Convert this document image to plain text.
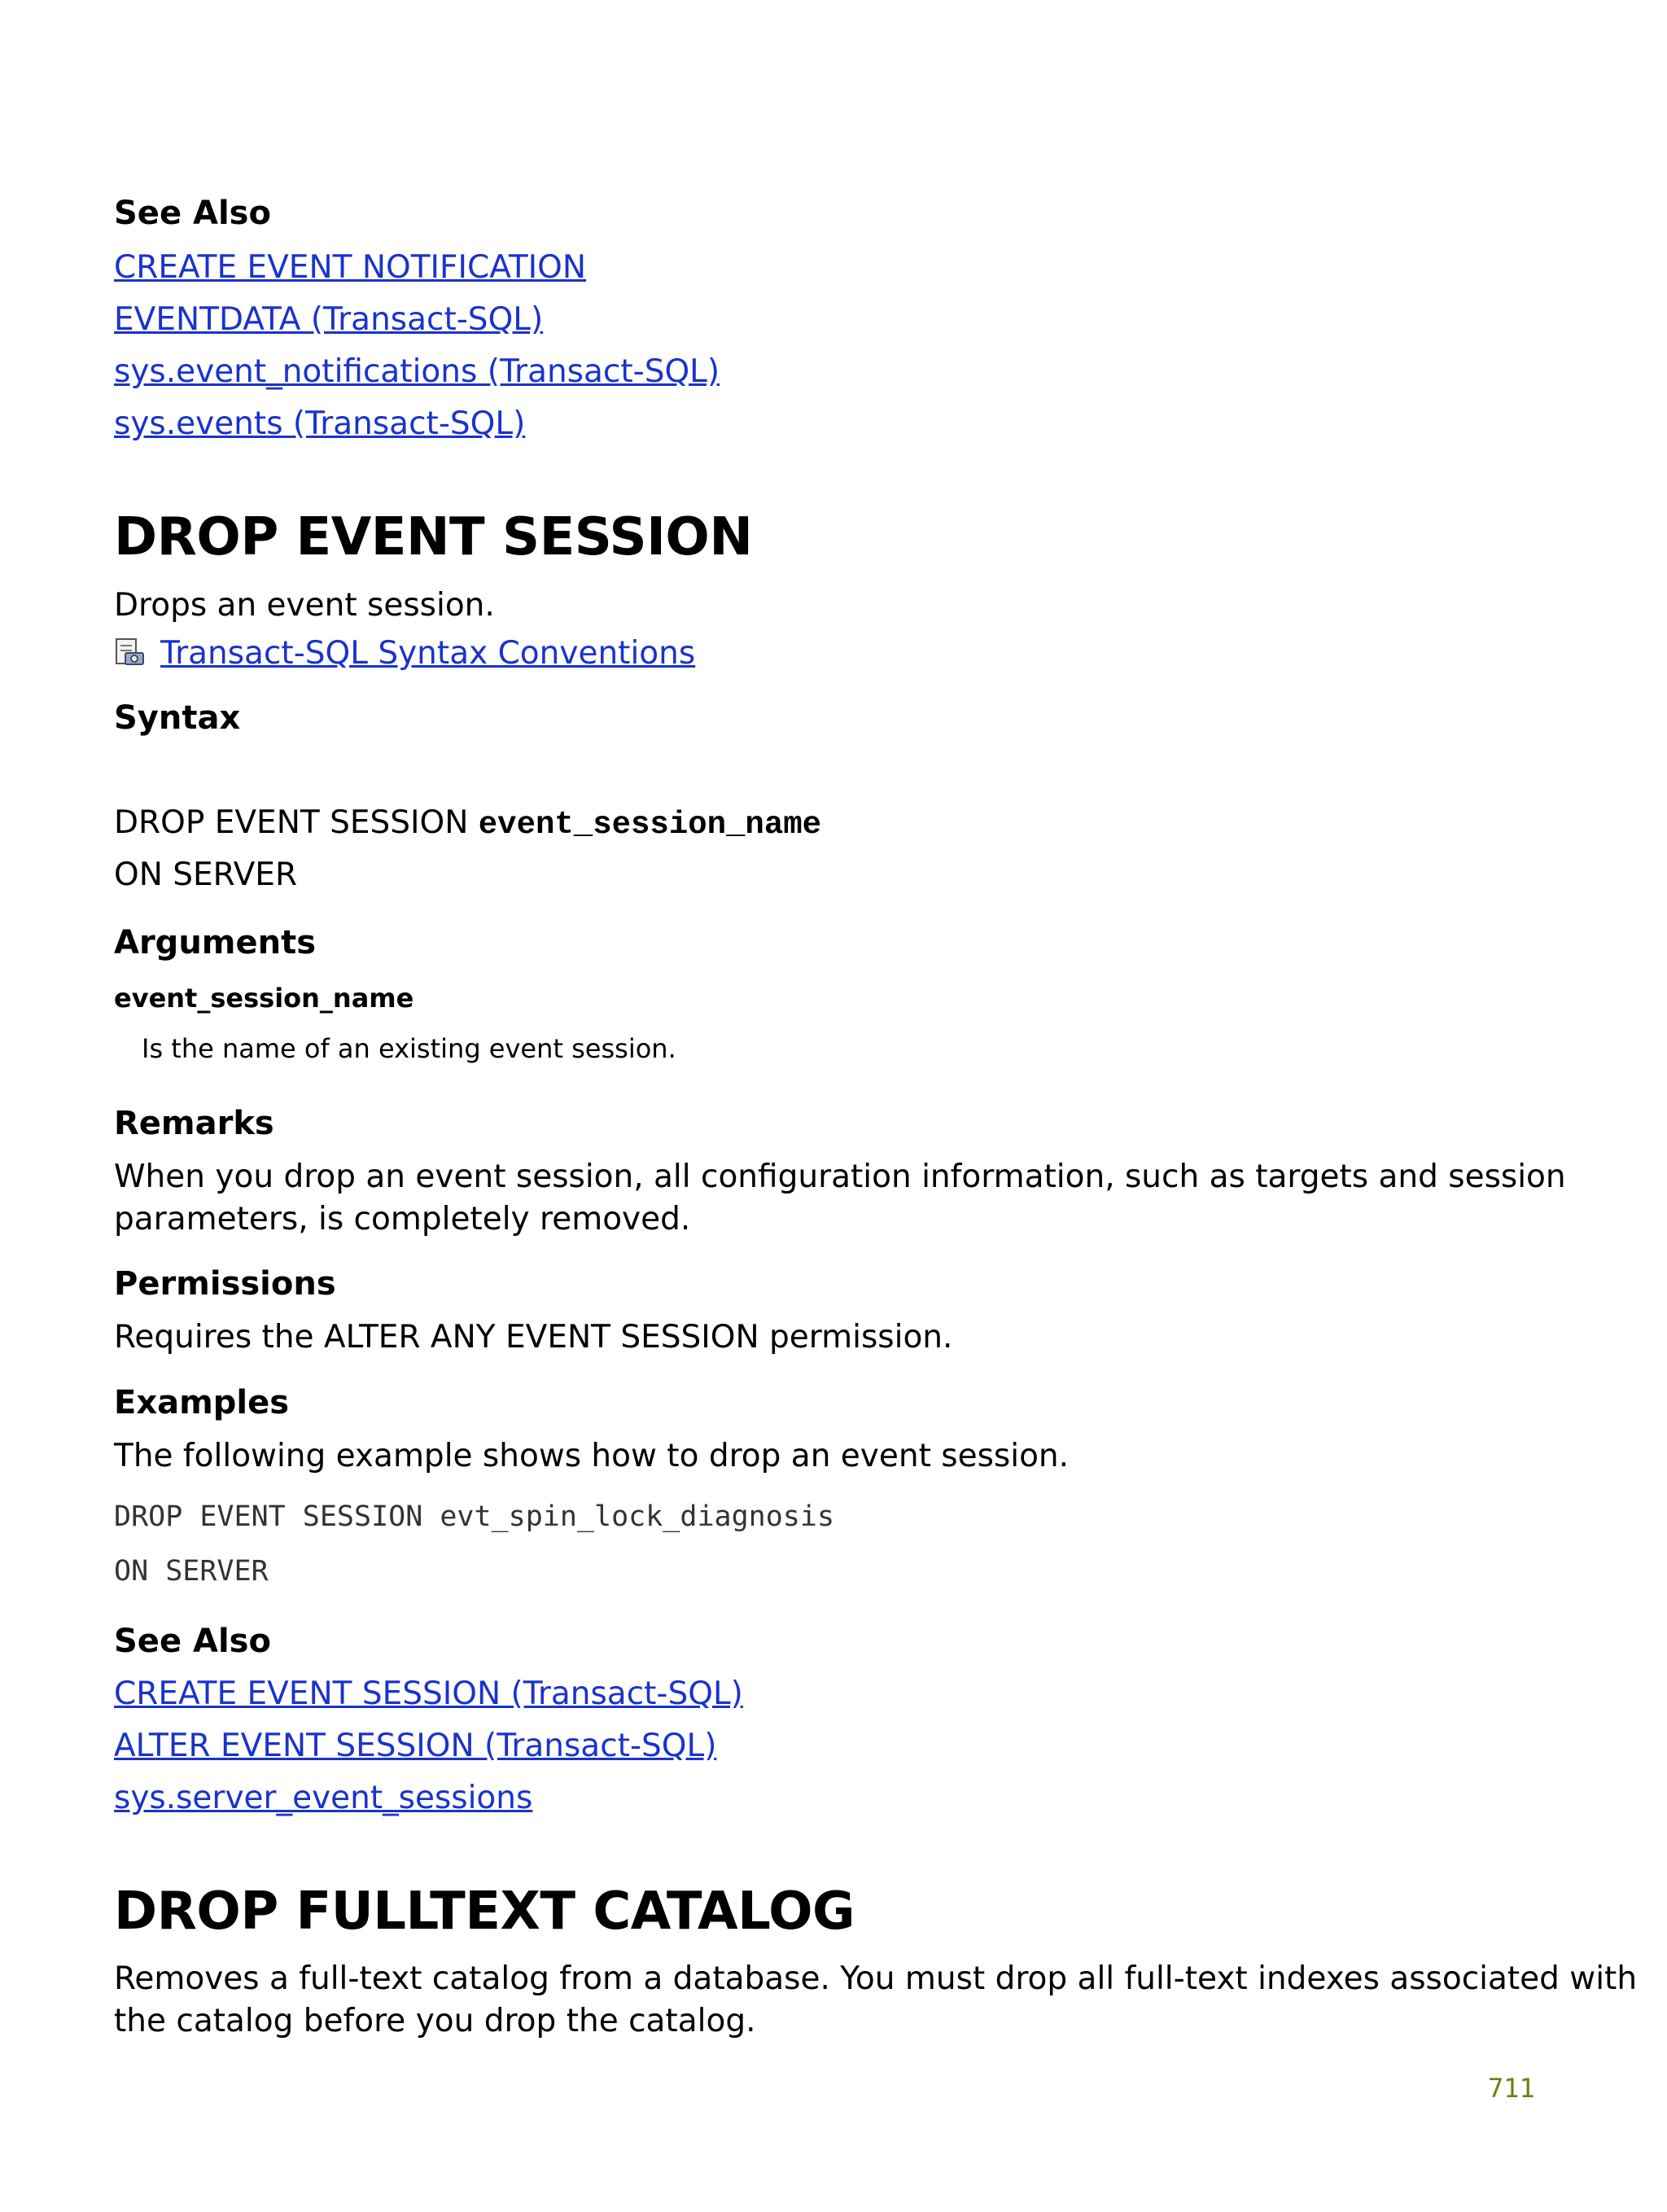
See Also
CREATE EVENT NOTIFICATION
EVENTDATA (Transact-SQL)
sys.event_notifications (Transact-SQL)
sys.events (Transact-SQL)
DROP EVENT SESSION
Drops an event session.
Transact-SQL Syntax Conventions
Syntax
DROP EVENT SESSION event_session_name
ON SERVER
Arguments
event_session_name
Is the name of an existing event session.
Remarks
When you drop an event session, all configuration information, such as targets and session
parameters, is completely removed.
Permissions
Requires the ALTER ANY EVENT SESSION permission.
Examples
The following example shows how to drop an event session.
DROP EVENT SESSION evt_spin_lock_diagnosis
ON SERVER
See Also
CREATE EVENT SESSION (Transact-SQL)
ALTER EVENT SESSION (Transact-SQL)
sys.server_event_sessions
DROP FULLTEXT CATALOG
Removes a full-text catalog from a database. You must drop all full-text indexes associated with
the catalog before you drop the catalog.
711
